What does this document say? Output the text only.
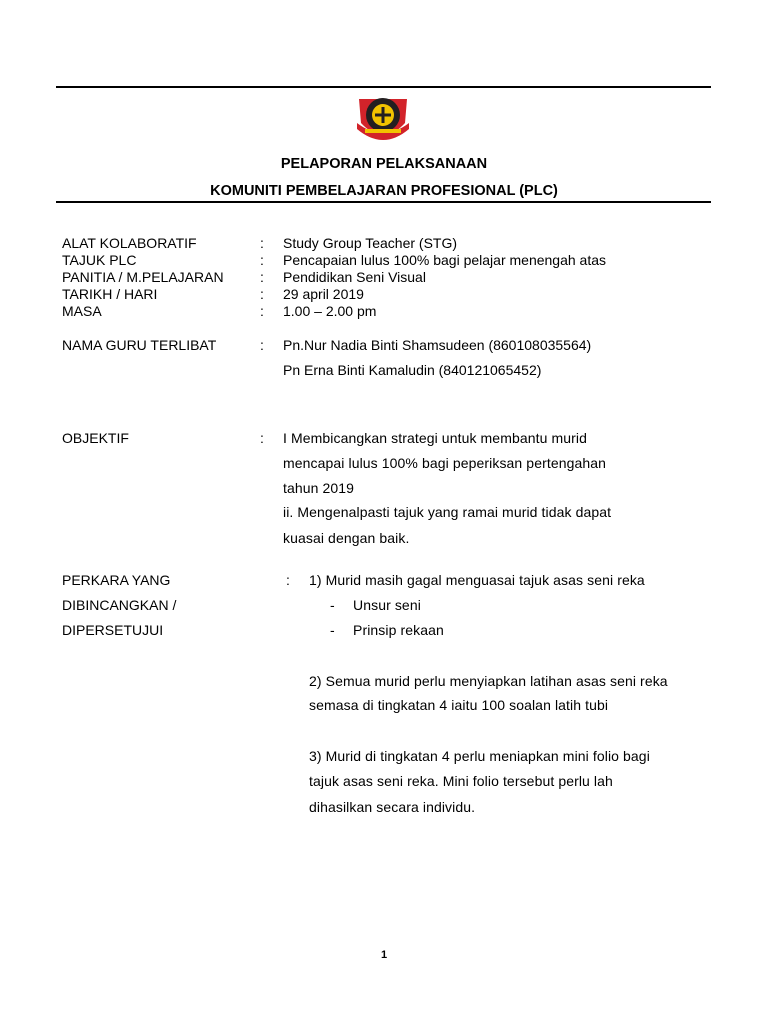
PELAPORAN PELAKSANAAN
KOMUNITI PEMBELAJARAN PROFESIONAL (PLC)
ALAT KOLABORATIF	: Study Group Teacher (STG)
TAJUK PLC	: Pencapaian lulus 100% bagi pelajar menengah atas
PANITIA / M.PELAJARAN	: Pendidikan Seni Visual
TARIKH / HARI	: 29 april 2019
MASA	: 1.00 – 2.00 pm
NAMA GURU TERLIBAT	: Pn.Nur Nadia Binti Shamsudeen (860108035564)
Pn Erna Binti Kamaludin (840121065452)
OBJEKTIF	: I Membicangkan strategi untuk membantu murid
mencapai lulus 100% bagi peperiksan pertengahan
tahun 2019
ii. Mengenalpasti tajuk yang ramai murid tidak dapat
kuasai dengan baik.
PERKARA YANG
DIBINCANGKAN /
DIPERSETUJUI
: 1) Murid masih gagal menguasai tajuk asas seni reka
- Unsur seni
- Prinsip rekaan
2) Semua murid perlu menyiapkan latihan asas seni reka
semasa di tingkatan 4 iaitu 100 soalan latih tubi
3) Murid di tingkatan 4 perlu meniapkan mini folio bagi
tajuk asas seni reka. Mini folio tersebut perlu lah
dihasilkan secara individu.
1
